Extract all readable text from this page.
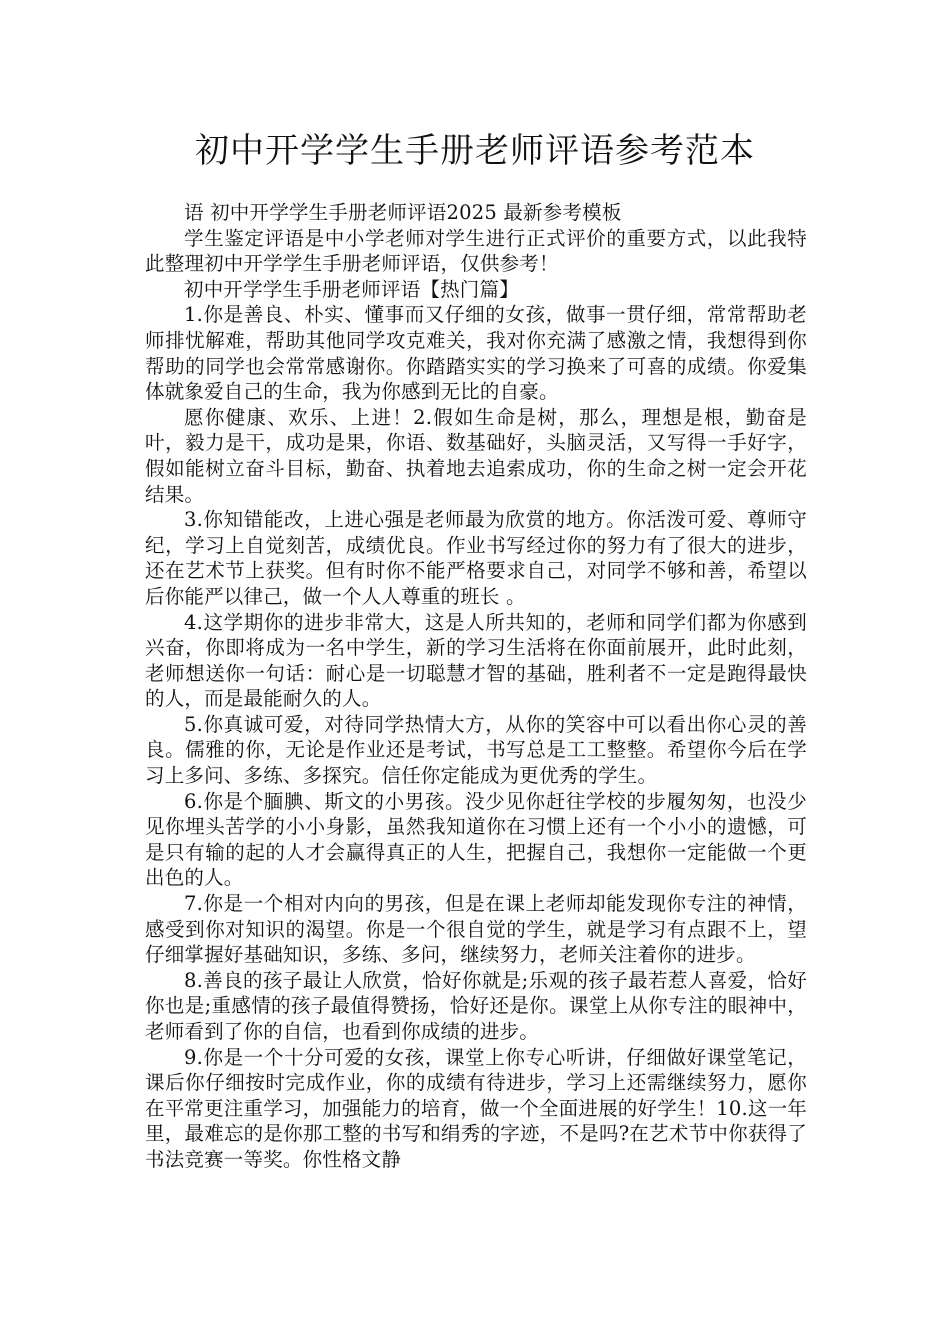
初中开学学生手册老师评语参考范本

语 初中开学学生手册老师评语2025 最新参考模板

学生鉴定评语是中小学老师对学生进行正式评价的重要方式，以此我特此整理初中开学学生手册老师评语，仅供参考！

初中开学学生手册老师评语【热门篇】

1.你是善良、朴实、懂事而又仔细的女孩，做事一贯仔细，常常帮助老师排忧解难，帮助其他同学攻克难关，我对你充满了感激之情，我想得到你帮助的同学也会常常感谢你。你踏踏实实的学习换来了可喜的成绩。你爱集体就象爱自己的生命，我为你感到无比的自豪。

愿你健康、欢乐、上进！2.假如生命是树，那么，理想是根，勤奋是叶，毅力是干，成功是果，你语、数基础好，头脑灵活，又写得一手好字，假如能树立奋斗目标，勤奋、执着地去追索成功，你的生命之树一定会开花结果。

3.你知错能改，上进心强是老师最为欣赏的地方。你活泼可爱、尊师守纪，学习上自觉刻苦，成绩优良。作业书写经过你的努力有了很大的进步，还在艺术节上获奖。但有时你不能严格要求自己，对同学不够和善，希望以后你能严以律己，做一个人人尊重的班长 。

4.这学期你的进步非常大，这是人所共知的，老师和同学们都为你感到兴奋，你即将成为一名中学生，新的学习生活将在你面前展开，此时此刻，老师想送你一句话：耐心是一切聪慧才智的基础，胜利者不一定是跑得最快的人，而是最能耐久的人。

5.你真诚可爱，对待同学热情大方，从你的笑容中可以看出你心灵的善良。儒雅的你，无论是作业还是考试，书写总是工工整整。希望你今后在学习上多问、多练、多探究。信任你定能成为更优秀的学生。

6.你是个腼腆、斯文的小男孩。没少见你赶往学校的步履匆匆，也没少见你埋头苦学的小小身影，虽然我知道你在习惯上还有一个小小的遗憾，可是只有输的起的人才会赢得真正的人生，把握自己，我想你一定能做一个更出色的人。

7.你是一个相对内向的男孩，但是在课上老师却能发现你专注的神情，感受到你对知识的渴望。你是一个很自觉的学生，就是学习有点跟不上，望仔细掌握好基础知识，多练、多问，继续努力，老师关注着你的进步。

8.善良的孩子最让人欣赏，恰好你就是;乐观的孩子最若惹人喜爱，恰好你也是;重感情的孩子最值得赞扬，恰好还是你。课堂上从你专注的眼神中，老师看到了你的自信，也看到你成绩的进步。

9.你是一个十分可爱的女孩，课堂上你专心听讲，仔细做好课堂笔记，课后你仔细按时完成作业，你的成绩有待进步，学习上还需继续努力，愿你在平常更注重学习，加强能力的培育，做一个全面进展的好学生！10.这一年里，最难忘的是你那工整的书写和绢秀的字迹，不是吗?在艺术节中你获得了书法竞赛一等奖。你性格文静
